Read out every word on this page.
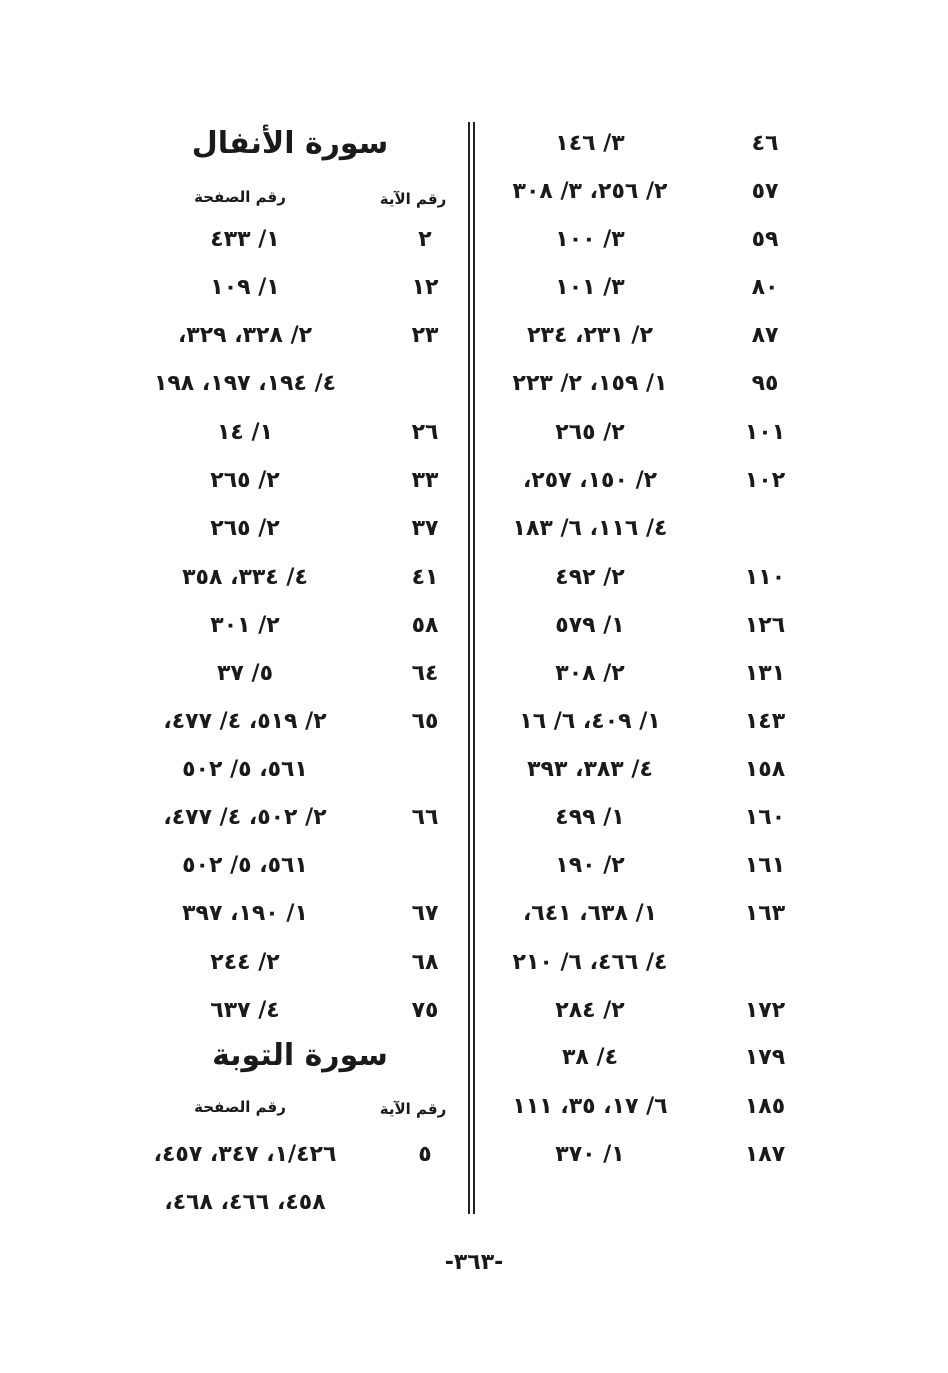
٤٦
٣/ ١٤٦
٥٧
٢/ ٢٥٦، ٣/ ٣٠٨
٥٩
٣/ ١٠٠
٨٠
٣/ ١٠١
٨٧
٢/ ٢٣١، ٢٣٤
٩٥
١/ ١٥٩، ٢/ ٢٢٣
١٠١
٢/ ٢٦٥
١٠٢
٢/ ١٥٠، ٢٥٧،
٤/ ١١٦، ٦/ ١٨٣
١١٠
٢/ ٤٩٢
١٢٦
١/ ٥٧٩
١٣١
٢/ ٣٠٨
١٤٣
١/ ٤٠٩، ٦/ ١٦
١٥٨
٤/ ٣٨٣، ٣٩٣
١٦٠
١/ ٤٩٩
١٦١
٢/ ١٩٠
١٦٣
١/ ٦٣٨، ٦٤١،
٤/ ٤٦٦، ٦/ ٢١٠
١٧٢
٢/ ٢٨٤
١٧٩
٤/ ٣٨
١٨٥
٦/ ١٧، ٣٥، ١١١
١٨٧
١/ ٣٧٠
سورة الأنفال
رقم الآية
رقم الصفحة
٢
١/ ٤٣٣
١٢
١/ ١٠٩
٢٣
٢/ ٣٢٨، ٣٢٩،
٤/ ١٩٤، ١٩٧، ١٩٨
٢٦
١/ ١٤
٣٣
٢/ ٢٦٥
٣٧
٢/ ٢٦٥
٤١
٤/ ٣٣٤، ٣٥٨
٥٨
٢/ ٣٠١
٦٤
٥/ ٣٧
٦٥
٢/ ٥١٩، ٤/ ٤٧٧،
٥٦١، ٥/ ٥٠٢
٦٦
٢/ ٥٠٢، ٤/ ٤٧٧،
٥٦١، ٥/ ٥٠٢
٦٧
١/ ١٩٠، ٣٩٧
٦٨
٢/ ٢٤٤
٧٥
٤/ ٦٣٧
سورة التوبة
رقم الآية
رقم الصفحة
٥
١/٤٢٦، ٣٤٧، ٤٥٧،
٤٥٨، ٤٦٦، ٤٦٨،
-٣٦٣-
